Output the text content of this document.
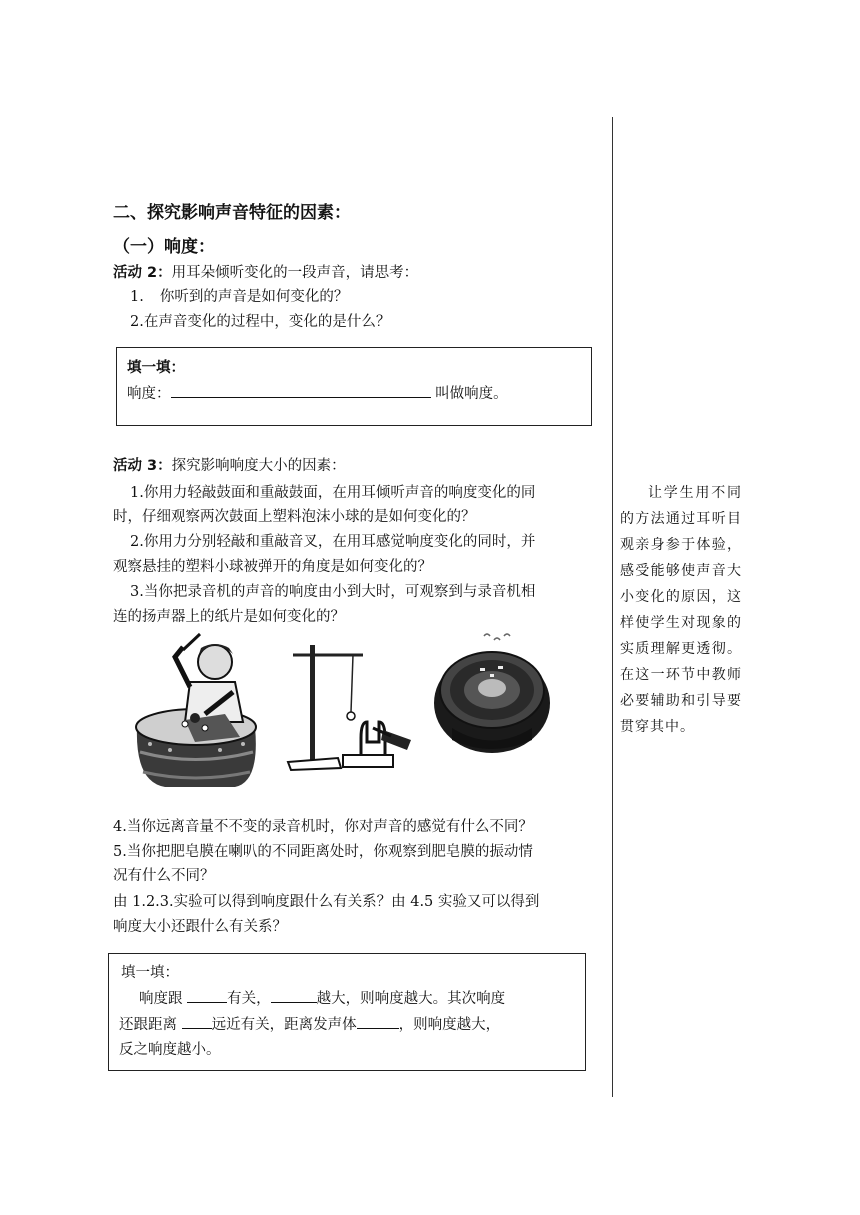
二、探究影响声音特征的因素：
（一）响度：
活动 2：用耳朵倾听变化的一段声音，请思考：
1. 你听到的声音是如何变化的？
2.在声音变化的过程中，变化的是什么？
填一填：
响度：	叫做响度。
活动 3：探究影响响度大小的因素：
1.你用力轻敲鼓面和重敲鼓面，在用耳倾听声音的响度变化的同
时，仔细观察两次鼓面上塑料泡沫小球的是如何变化的？
2.你用力分别轻敲和重敲音叉，在用耳感觉响度变化的同时，并
观察悬挂的塑料小球被弹开的角度是如何变化的？
3.当你把录音机的声音的响度由小到大时，可观察到与录音机相
连的扬声器上的纸片是如何变化的？
4.当你远离音量不不变的录音机时，你对声音的感觉有什么不同？
5.当你把肥皂膜在喇叭的不同距离处时，你观察到肥皂膜的振动情
况有什么不同？
由 1.2.3.实验可以得到响度跟什么有关系？由 4.5 实验又可以得到
响度大小还跟什么有关系？
填一填：
响度跟	有关，	越大，则响度越大。其次响度
还跟距离 远近有关，距离发声体	，则响度越大，
反之响度越小。
让学生用不同的方法通过耳听目观亲身参于体验，感受能够使声音大小变化的原因，这样使学生对现象的实质理解更透彻。在这一环节中教师必要辅助和引导要贯穿其中。
